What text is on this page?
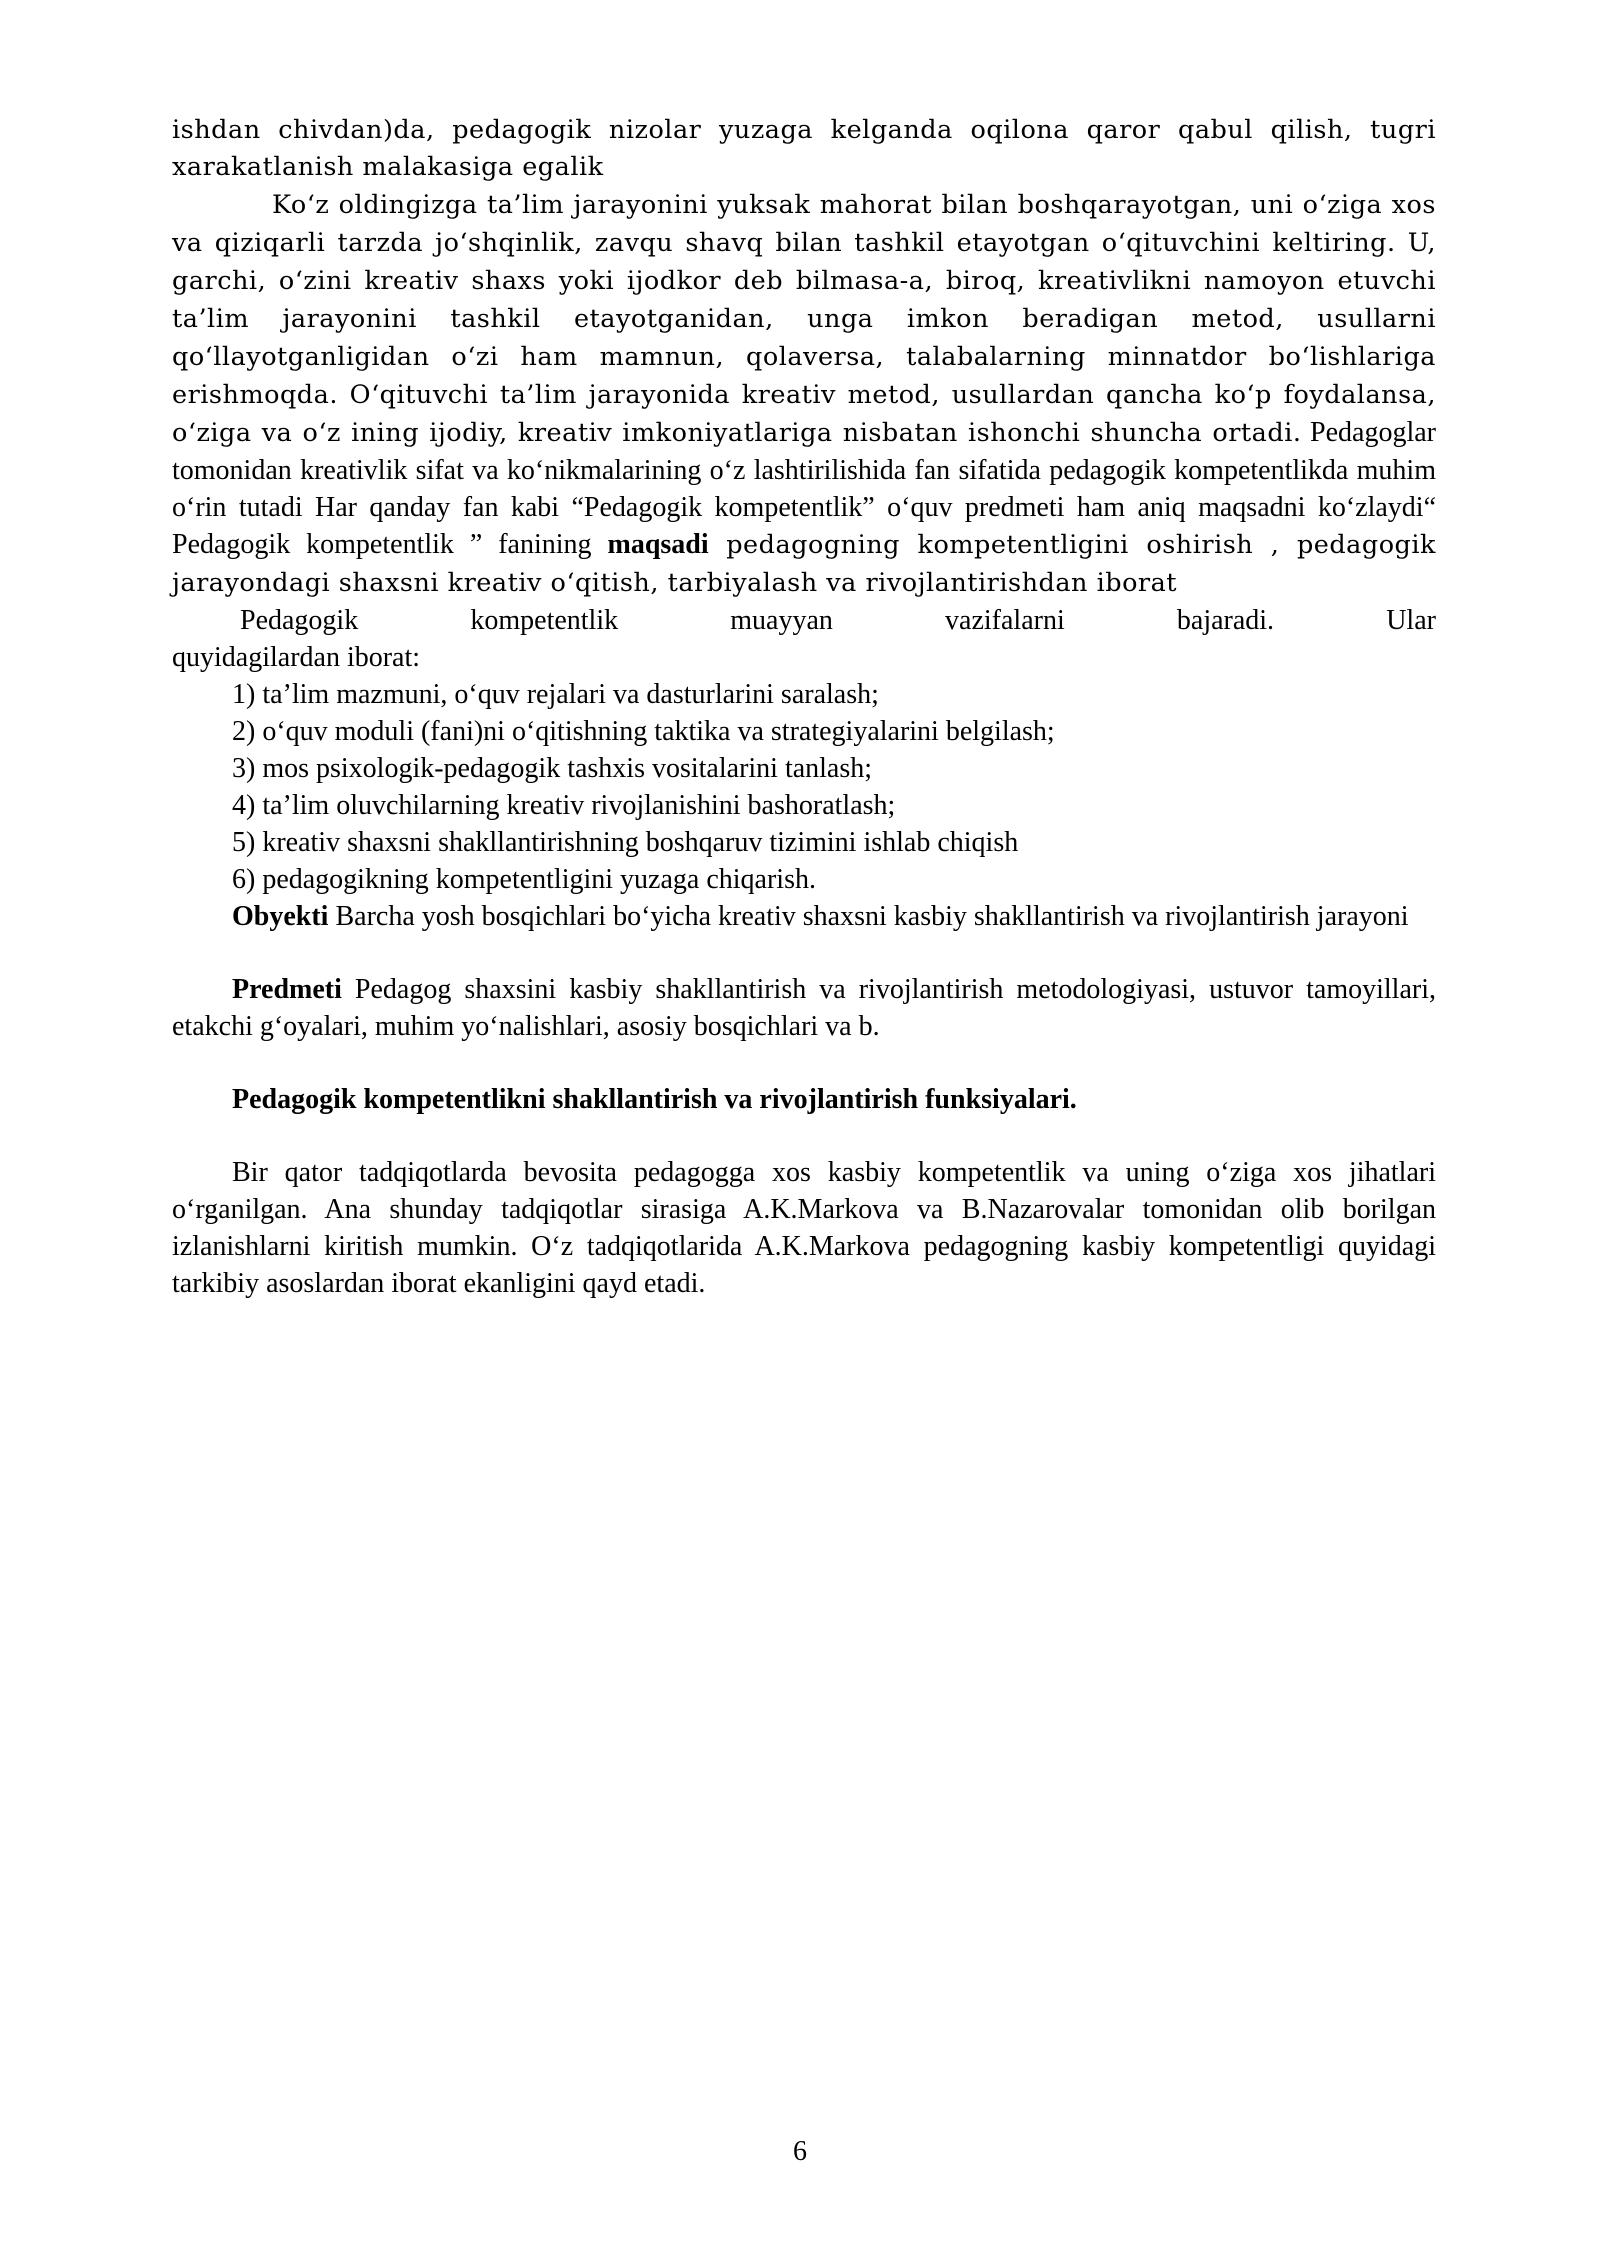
ishdan chivdan)da, pedagogik nizolar yuzaga kelganda oqilona qaror qabul qilish, tugri xarakatlanish malakasiga egalik

Ko‘z oldingizga ta’lim jarayonini yuksak mahorat bilan boshqarayotgan, uni o‘ziga xos va qiziqarli tarzda jo‘shqinlik, zavqu shavq bilan tashkil etayotgan o‘qituvchini keltiring. U, garchi, o‘zini kreativ shaxs yoki ijodkor deb bilmasa-a, biroq, kreativlikni namoyon etuvchi ta’lim jarayonini tashkil etayotganidan, unga imkon beradigan metod, usullarni qo‘llayotganligidan o‘zi ham mamnun, qolaversa, talabalarning minnatdor bo‘lishlariga erishmoqda. O‘qituvchi ta’lim jarayonida kreativ metod, usullardan qancha ko‘p foydalansa, o‘ziga va o‘z ining ijodiy, kreativ imkoniyatlariga nisbatan ishonchi shuncha ortadi. Pedagoglar tomonidan kreativlik sifat va ko‘nikmalarining o‘z lashtirilishida fan sifatida pedagogik kompetentlikda muhim o‘rin tutadi Har qanday fan kabi “Pedagogik kompetentlik” o‘quv predmeti ham aniq maqsadni ko‘zlaydi“ Pedagogik kompetentlik ” fanining maqsadi pedagogning kompetentligini oshirish , pedagogik jarayondagi shaxsni kreativ o‘qitish, tarbiyalash va rivojlantirishdan iborat

Pedagogik	kompetentlik	muayyan	vazifalarni	bajaradi.	Ular

quyidagilardan iborat:

1) ta’lim mazmuni, o‘quv rejalari va dasturlarini saralash;

2) o‘quv moduli (fani)ni o‘qitishning taktika va strategiyalarini belgilash;

3) mos psixologik-pedagogik tashxis vositalarini tanlash;

4) ta’lim oluvchilarning kreativ rivojlanishini bashoratlash;

5) kreativ shaxsni shakllantirishning boshqaruv tizimini ishlab chiqish

6) pedagogikning kompetentligini yuzaga chiqarish.

Obyekti Barcha yosh bosqichlari bo‘yicha kreativ shaxsni kasbiy shakllantirish va rivojlantirish jarayoni

Predmeti Pedagog shaxsini kasbiy shakllantirish va rivojlantirish metodologiyasi, ustuvor tamoyillari, etakchi g‘oyalari, muhim yo‘nalishlari, asosiy bosqichlari va b.

Pedagogik kompetentlikni shakllantirish va rivojlantirish funksiyalari.

Bir qator tadqiqotlarda bevosita pedagogga xos kasbiy kompetentlik va uning o‘ziga xos jihatlari o‘rganilgan. Ana shunday tadqiqotlar sirasiga A.K.Markova va B.Nazarovalar tomonidan olib borilgan izlanishlarni kiritish mumkin. O‘z tadqiqotlarida A.K.Markova pedagogning kasbiy kompetentligi quyidagi tarkibiy asoslardan iborat ekanligini qayd etadi.

6
